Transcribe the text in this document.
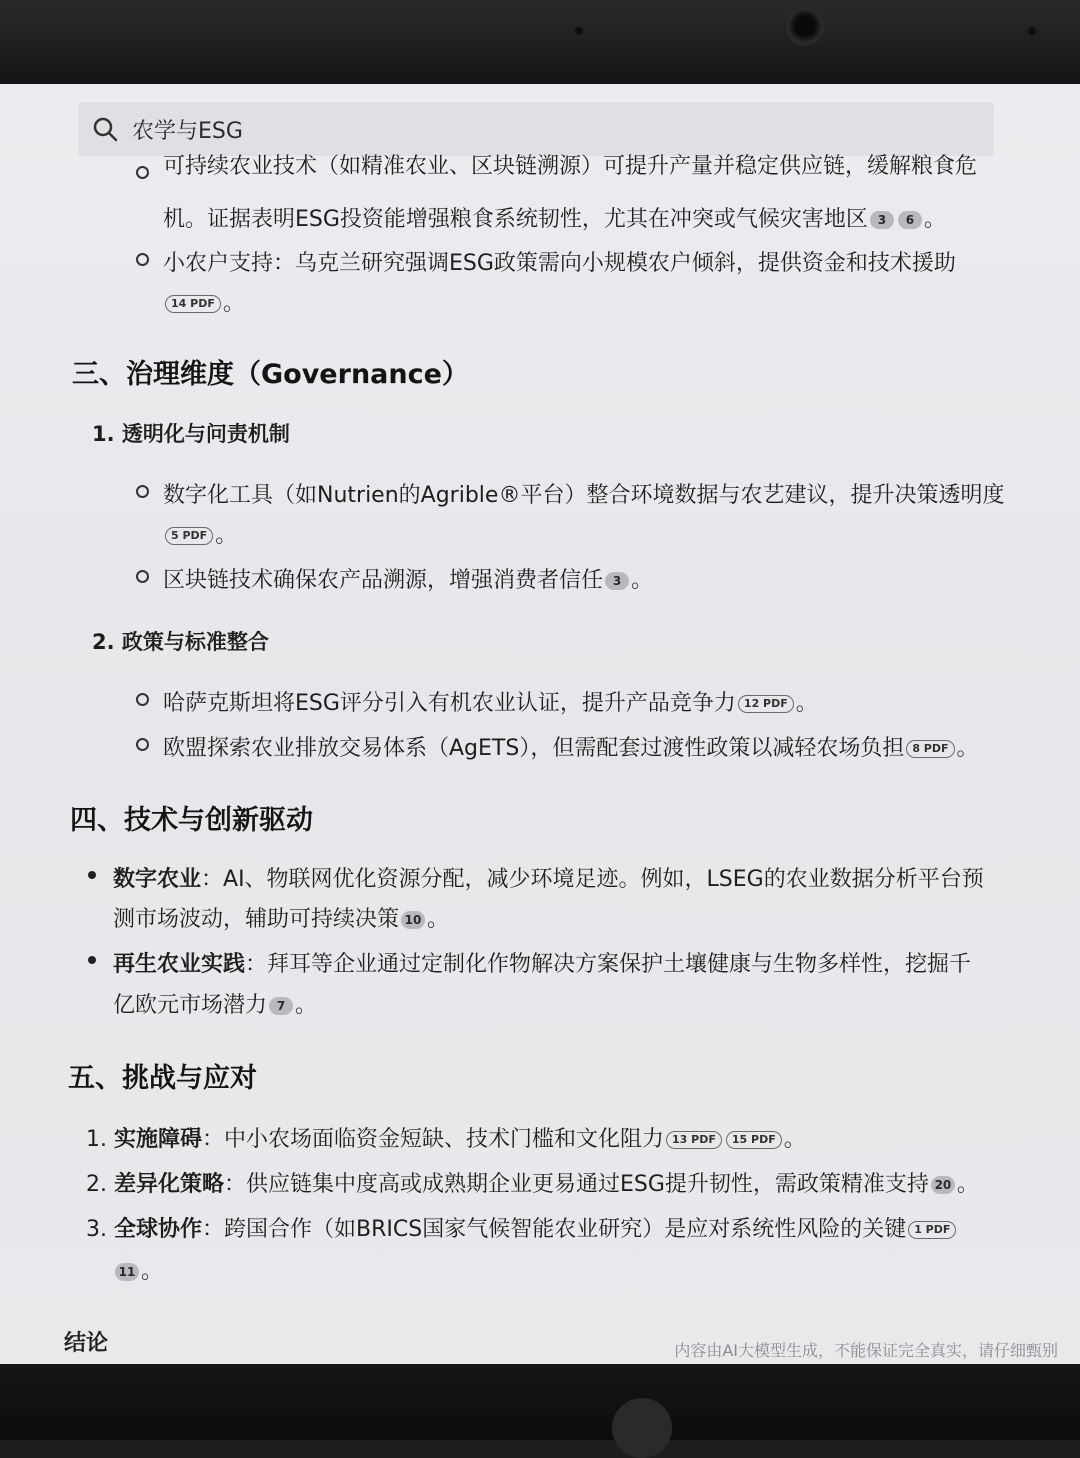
农学与ESG
可持续农业技术（如精准农业、区块链溯源）可提升产量并稳定供应链，缓解粮食危
机。证据表明ESG投资能增强粮食系统韧性，尤其在冲突或气候灾害地区 3 6 。
小农户支持：乌克兰研究强调ESG政策需向小规模农户倾斜，提供资金和技术援助
14 PDF 。
三、治理维度（Governance）
1. 透明化与问责机制
数字化工具（如Nutrien的Agrible®平台）整合环境数据与农艺建议，提升决策透明度
5 PDF 。
区块链技术确保农产品溯源，增强消费者信任 3 。
2. 政策与标准整合
哈萨克斯坦将ESG评分引入有机农业认证，提升产品竞争力 12 PDF 。
欧盟探索农业排放交易体系（AgETS），但需配套过渡性政策以减轻农场负担 8 PDF 。
四、技术与创新驱动
数字农业：AI、物联网优化资源分配，减少环境足迹。例如，LSEG的农业数据分析平台预
测市场波动，辅助可持续决策 10 。
再生农业实践：拜耳等企业通过定制化作物解决方案保护土壤健康与生物多样性，挖掘千
亿欧元市场潜力 7 。
五、挑战与应对
1. 实施障碍：中小农场面临资金短缺、技术门槛和文化阻力 13 PDF 15 PDF 。
2. 差异化策略：供应链集中度高或成熟期企业更易通过ESG提升韧性，需政策精准支持 20 。
3. 全球协作：跨国合作（如BRICS国家气候智能农业研究）是应对系统性风险的关键 1 PDF
11 。
结论	内容由AI大模型生成，不能保证完全真实，请仔细甄别
